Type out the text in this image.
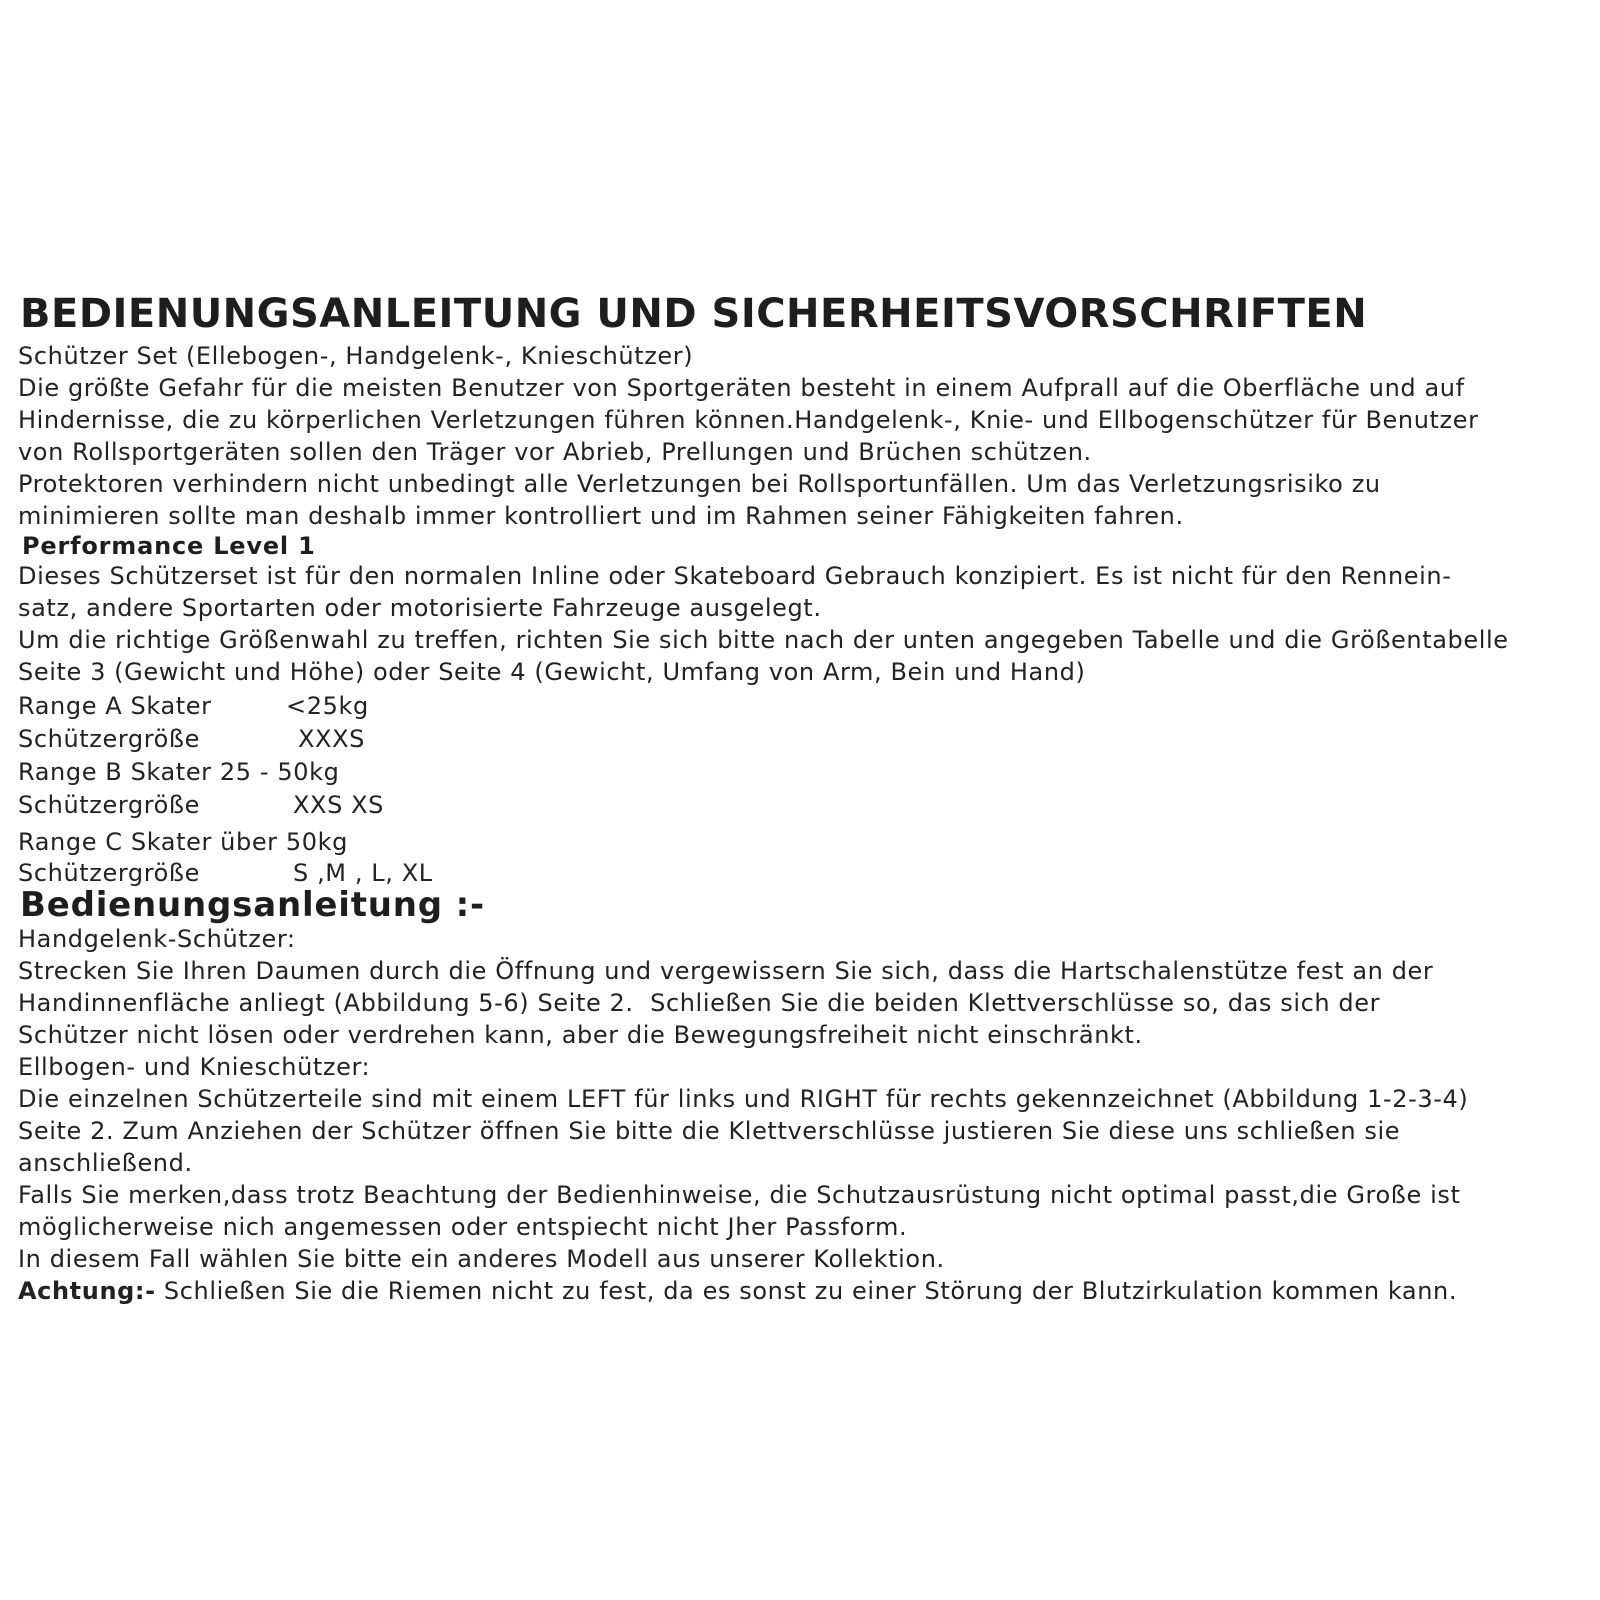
BEDIENUNGSANLEITUNG UND SICHERHEITSVORSCHRIFTEN
Schützer Set (Ellebogen-, Handgelenk-, Knieschützer)
Die größte Gefahr für die meisten Benutzer von Sportgeräten besteht in einem Aufprall auf die Oberfläche und auf
Hindernisse, die zu körperlichen Verletzungen führen können.Handgelenk-, Knie- und Ellbogenschützer für Benutzer
von Rollsportgeräten sollen den Träger vor Abrieb, Prellungen und Brüchen schützen.
Protektoren verhindern nicht unbedingt alle Verletzungen bei Rollsportunfällen. Um das Verletzungsrisiko zu
minimieren sollte man deshalb immer kontrolliert und im Rahmen seiner Fähigkeiten fahren.
Performance Level 1
Dieses Schützerset ist für den normalen Inline oder Skateboard Gebrauch konzipiert. Es ist nicht für den Rennein-
satz, andere Sportarten oder motorisierte Fahrzeuge ausgelegt.
Um die richtige Größenwahl zu treffen, richten Sie sich bitte nach der unten angegeben Tabelle und die Größentabelle
Seite 3 (Gewicht und Höhe) oder Seite 4 (Gewicht, Umfang von Arm, Bein und Hand)
Range A Skater	<25kg
Schützergröße	XXXS
Range B Skater 25 - 50kg
Schützergröße	XXS XS
Range C Skater über 50kg
Schützergröße	S ,M , L, XL
Bedienungsanleitung :-
Handgelenk-Schützer:
Strecken Sie Ihren Daumen durch die Öffnung und vergewissern Sie sich, dass die Hartschalenstütze fest an der
Handinnenfläche anliegt (Abbildung 5-6) Seite 2.  Schließen Sie die beiden Klettverschlüsse so, das sich der
Schützer nicht lösen oder verdrehen kann, aber die Bewegungsfreiheit nicht einschränkt.
Ellbogen- und Knieschützer:
Die einzelnen Schützerteile sind mit einem LEFT für links und RIGHT für rechts gekennzeichnet (Abbildung 1-2-3-4)
Seite 2. Zum Anziehen der Schützer öffnen Sie bitte die Klettverschlüsse justieren Sie diese uns schließen sie
anschließend.
Falls Sie merken,dass trotz Beachtung der Bedienhinweise, die Schutzausrüstung nicht optimal passt,die Große ist
möglicherweise nich angemessen oder entspiecht nicht Jher Passform.
In diesem Fall wählen Sie bitte ein anderes Modell aus unserer Kollektion.
Achtung:- Schließen Sie die Riemen nicht zu fest, da es sonst zu einer Störung der Blutzirkulation kommen kann.
